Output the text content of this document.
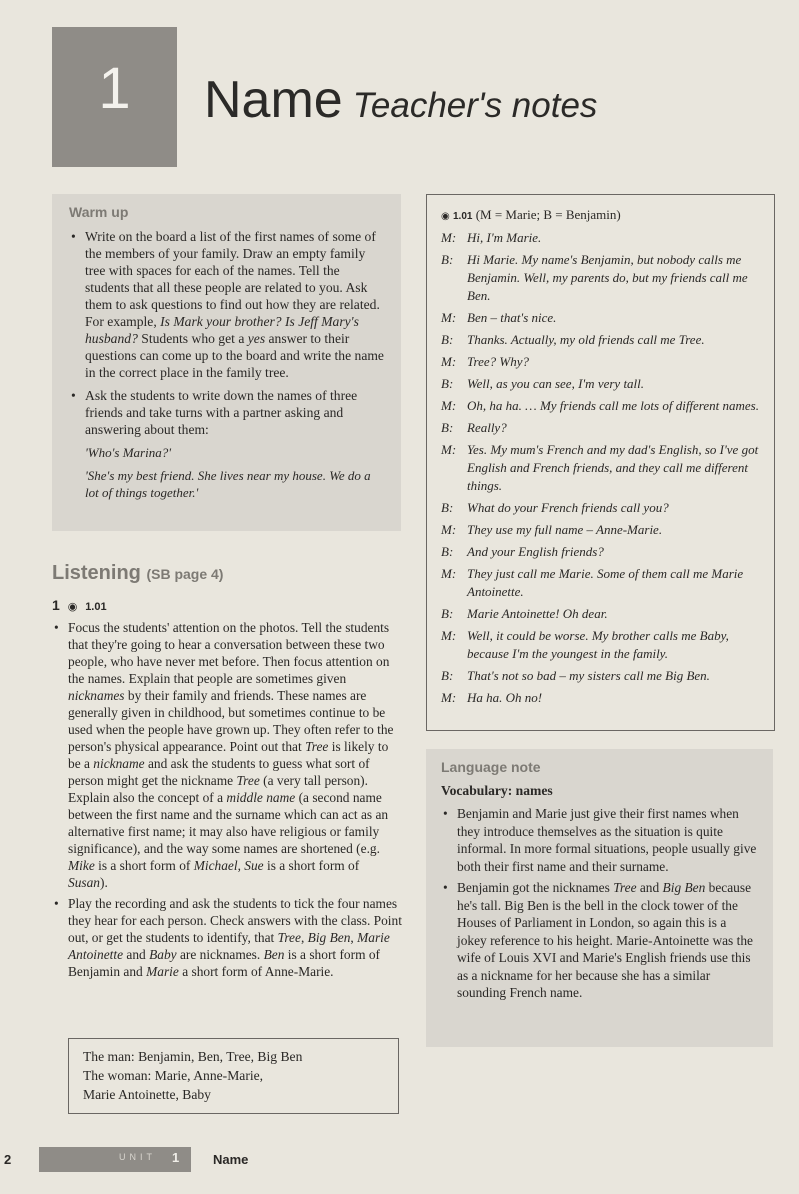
1	Name Teacher's notes
Warm up
• Write on the board a list of the first names of some of the members of your family. Draw an empty family tree with spaces for each of the names. Tell the students that all these people are related to you. Ask them to ask questions to find out how they are related. For example, Is Mark your brother? Is Jeff Mary's husband? Students who get a yes answer to their questions can come up to the board and write the name in the correct place in the family tree.
• Ask the students to write down the names of three friends and take turns with a partner asking and answering about them:
'Who's Marina?'
'She's my best friend. She lives near my house. We do a lot of things together.'
Listening (SB page 4)
1 ◉ 1.01
• Focus the students' attention on the photos. Tell the students that they're going to hear a conversation between these two people, who have never met before. Then focus attention on the names. Explain that people are sometimes given nicknames by their family and friends. These names are generally given in childhood, but sometimes continue to be used when the people have grown up. They often refer to the person's physical appearance. Point out that Tree is likely to be a nickname and ask the students to guess what sort of person might get the nickname Tree (a very tall person). Explain also the concept of a middle name (a second name between the first name and the surname which can act as an alternative first name; it may also have religious or family significance), and the way some names are shortened (e.g. Mike is a short form of Michael, Sue is a short form of Susan).
• Play the recording and ask the students to tick the four names they hear for each person. Check answers with the class. Point out, or get the students to identify, that Tree, Big Ben, Marie Antoinette and Baby are nicknames. Ben is a short form of Benjamin and Marie a short form of Anne-Marie.
The man: Benjamin, Ben, Tree, Big Ben
The woman: Marie, Anne-Marie,
Marie Antoinette, Baby
◉ 1.01 (M = Marie; B = Benjamin)
M: Hi, I'm Marie.
B:	Hi Marie. My name's Benjamin, but nobody calls me Benjamin. Well, my parents do, but my friends call me Ben.
M: Ben – that's nice.
B:	Thanks. Actually, my old friends call me Tree.
M: Tree? Why?
B:	Well, as you can see, I'm very tall.
M: Oh, ha ha. … My friends call me lots of different names.
B:	Really?
M: Yes. My mum's French and my dad's English, so I've got English and French friends, and they call me different things.
B:	What do your French friends call you?
M: They use my full name – Anne-Marie.
B:	And your English friends?
M: They just call me Marie. Some of them call me Marie Antoinette.
B:	Marie Antoinette! Oh dear.
M: Well, it could be worse. My brother calls me Baby, because I'm the youngest in the family.
B:	That's not so bad – my sisters call me Big Ben.
M: Ha ha. Oh no!
Language note
Vocabulary: names
• Benjamin and Marie just give their first names when they introduce themselves as the situation is quite informal. In more formal situations, people usually give both their first name and their surname.
• Benjamin got the nicknames Tree and Big Ben because he's tall. Big Ben is the bell in the clock tower of the Houses of Parliament in London, so again this is a jokey reference to his height. Marie-Antoinette was the wife of Louis XVI and Marie's English friends use this as a nickname for her because she has a similar sounding French name.
2	UNIT 1	Name
